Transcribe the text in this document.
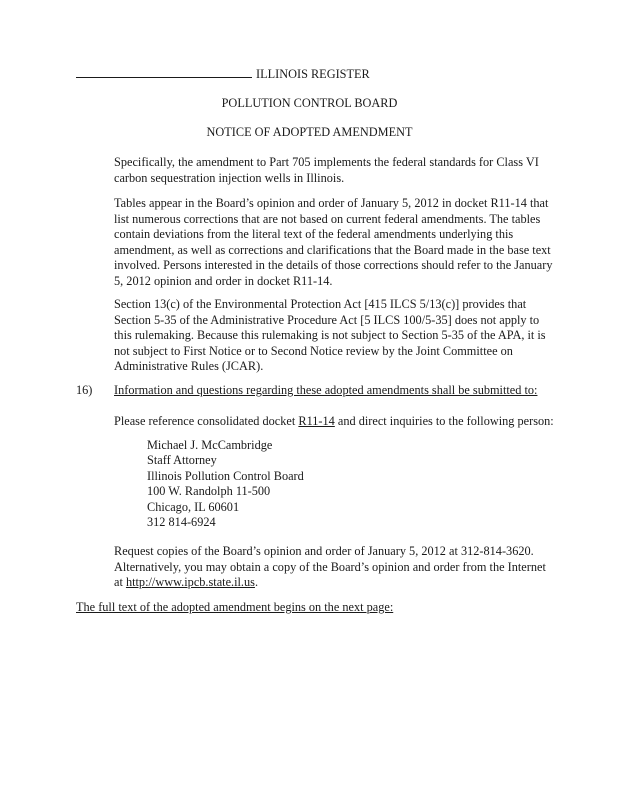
ILLINOIS REGISTER
POLLUTION CONTROL BOARD
NOTICE OF ADOPTED AMENDMENT

Specifically, the amendment to Part 705 implements the federal standards for Class VI carbon sequestration injection wells in Illinois.

Tables appear in the Board’s opinion and order of January 5, 2012 in docket R11-14 that list numerous corrections that are not based on current federal amendments. The tables contain deviations from the literal text of the federal amendments underlying this amendment, as well as corrections and clarifications that the Board made in the base text involved. Persons interested in the details of those corrections should refer to the January 5, 2012 opinion and order in docket R11-14.

Section 13(c) of the Environmental Protection Act [415 ILCS 5/13(c)] provides that Section 5-35 of the Administrative Procedure Act [5 ILCS 100/5-35] does not apply to this rulemaking. Because this rulemaking is not subject to Section 5-35 of the APA, it is not subject to First Notice or to Second Notice review by the Joint Committee on Administrative Rules (JCAR).

16) Information and questions regarding these adopted amendments shall be submitted to:
Please reference consolidated docket R11-14 and direct inquiries to the following person:
Michael J. McCambridge
Staff Attorney
Illinois Pollution Control Board
100 W. Randolph 11-500
Chicago, IL 60601
312 814-6924

Request copies of the Board’s opinion and order of January 5, 2012 at 312-814-3620. Alternatively, you may obtain a copy of the Board’s opinion and order from the Internet at http://www.ipcb.state.il.us.

The full text of the adopted amendment begins on the next page:
